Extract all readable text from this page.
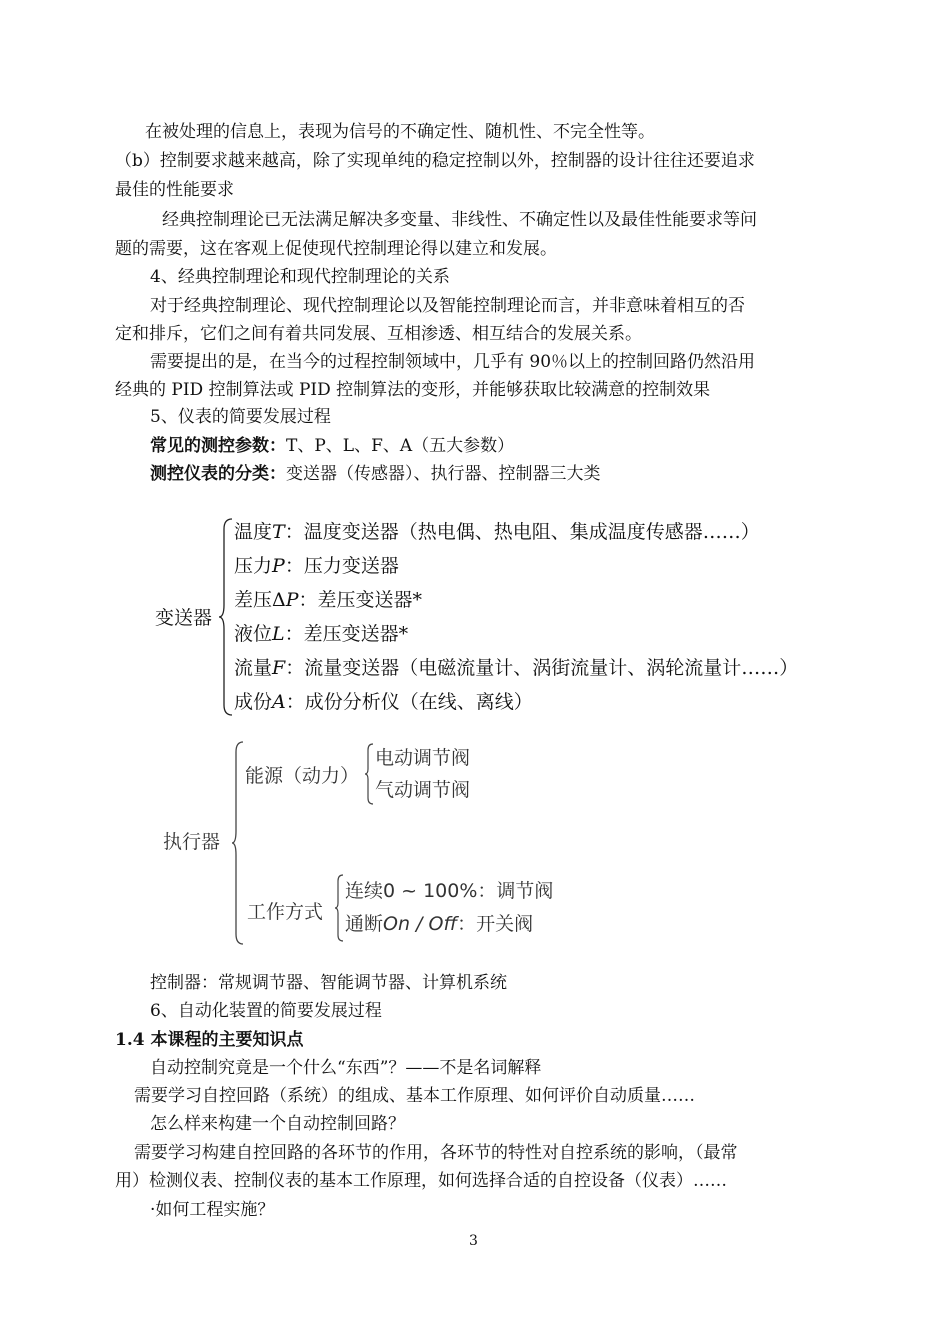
在被处理的信息上，表现为信号的不确定性、随机性、不完全性等。
（b）控制要求越来越高，除了实现单纯的稳定控制以外，控制器的设计往往还要追求
最佳的性能要求
经典控制理论已无法满足解决多变量、非线性、不确定性以及最佳性能要求等问
题的需要，这在客观上促使现代控制理论得以建立和发展。
4、经典控制理论和现代控制理论的关系
对于经典控制理论、现代控制理论以及智能控制理论而言，并非意味着相互的否
定和排斥，它们之间有着共同发展、互相渗透、相互结合的发展关系。
需要提出的是，在当今的过程控制领域中，几乎有 90％以上的控制回路仍然沿用
经典的 PID 控制算法或 PID 控制算法的变形，并能够获取比较满意的控制效果
5、仪表的简要发展过程
常见的测控参数：T、P、L、F、A（五大参数）
测控仪表的分类：变送器（传感器）、执行器、控制器三大类
变送器
温度T：温度变送器（热电偶、热电阻、集成温度传感器……）
压力P：压力变送器
差压ΔP：差压变送器*
液位L：差压变送器*
流量F：流量变送器（电磁流量计、涡街流量计、涡轮流量计……）
成份A：成份分析仪（在线、离线）
执行器
能源（动力）
电动调节阀
气动调节阀
工作方式
连续0 ~ 100%：调节阀
通断On / Off：开关阀
控制器：常规调节器、智能调节器、计算机系统
6、自动化装置的简要发展过程
1.4 本课程的主要知识点
自动控制究竟是一个什么“东西”？——不是名词解释
需要学习自控回路（系统）的组成、基本工作原理、如何评价自动质量……
怎么样来构建一个自动控制回路？
需要学习构建自控回路的各环节的作用，各环节的特性对自控系统的影响，（最常
用）检测仪表、控制仪表的基本工作原理，如何选择合适的自控设备（仪表）……
·如何工程实施？
3
